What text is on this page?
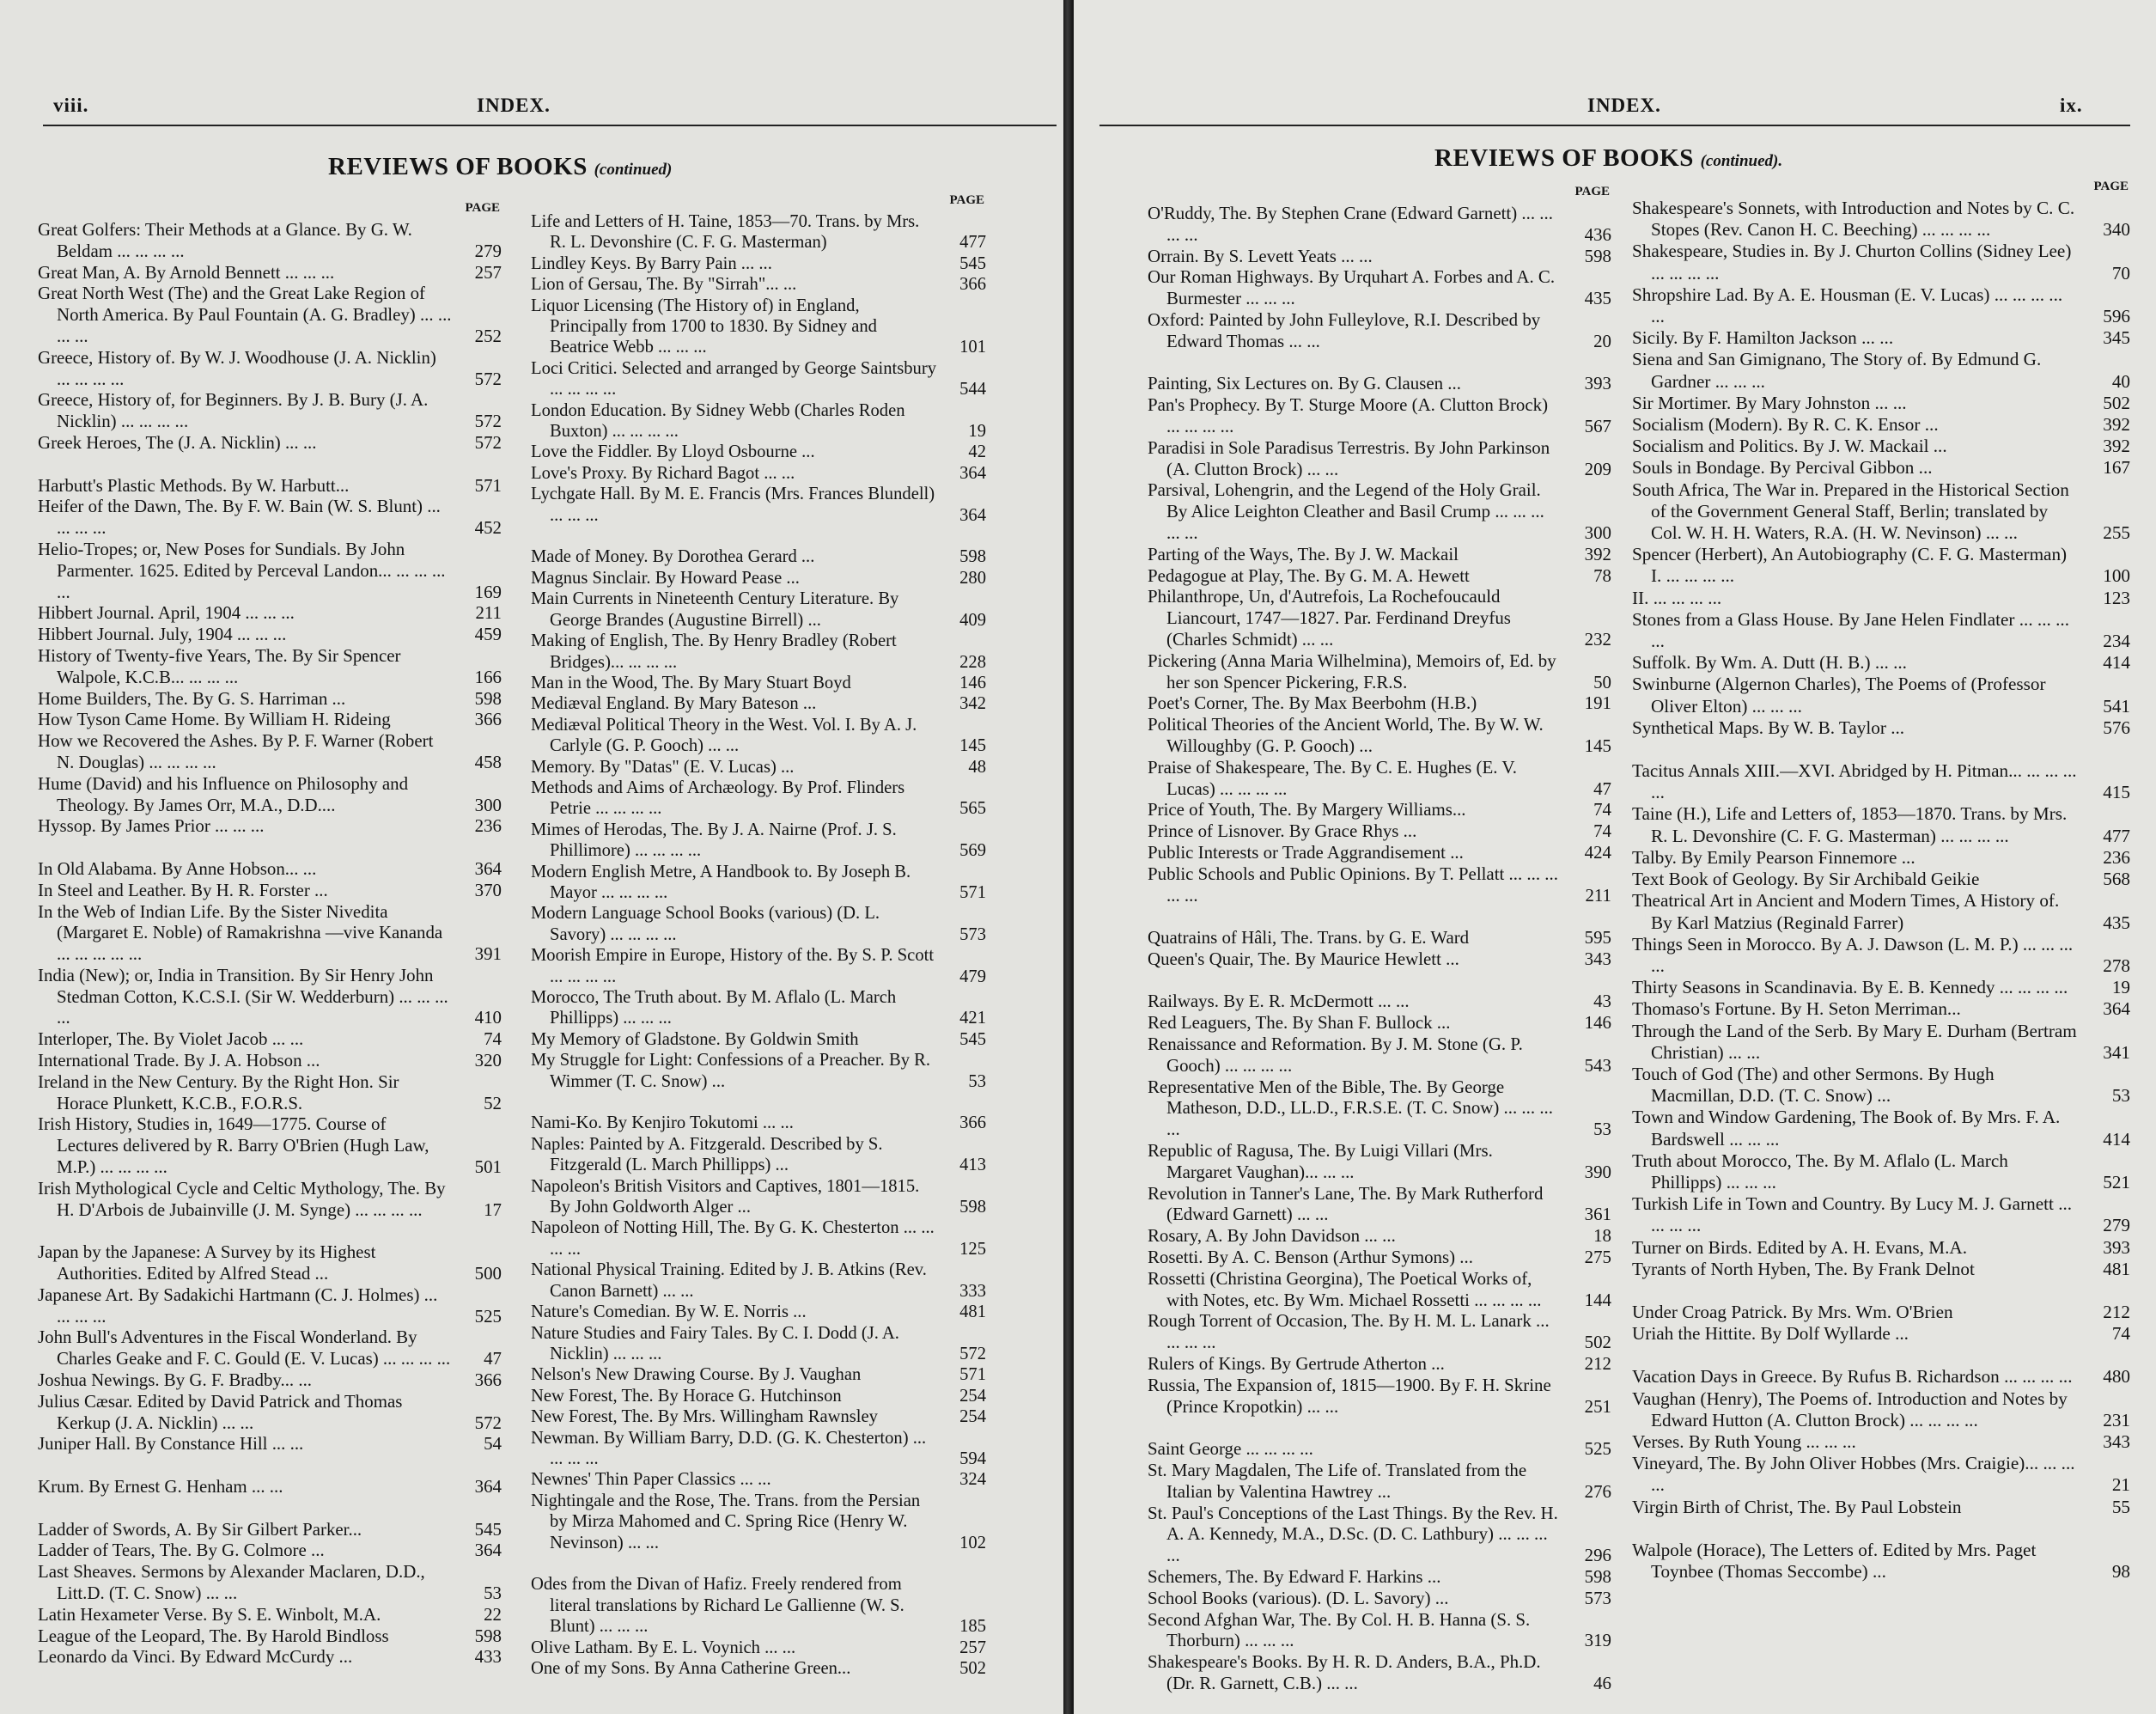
viii.	INDEX.
REVIEWS OF BOOKS (continued)
PAGE
Great Golfers: Their Methods at a Glance. By G. W. Beldam ... ... ... ...	279
Great Man, A. By Arnold Bennett ... ... ...	257
Great North West (The) and the Great Lake Region of North America. By Paul Fountain (A. G. Bradley) ... ... ... ...	252
Greece, History of. By W. J. Woodhouse (J. A. Nicklin) ... ... ... ...	572
Greece, History of, for Beginners. By J. B. Bury (J. A. Nicklin) ... ... ... ...	572
Greek Heroes, The (J. A. Nicklin) ... ...	572
Harbutt's Plastic Methods. By W. Harbutt...	571
Heifer of the Dawn, The. By F. W. Bain (W. S. Blunt) ... ... ... ...	452
Helio-Tropes; or, New Poses for Sundials. By John Parmenter. 1625. Edited by Perceval Landon... ... ... ... ...	169
Hibbert Journal. April, 1904 ... ... ...	211
Hibbert Journal. July, 1904 ... ... ...	459
History of Twenty-five Years, The. By Sir Spencer Walpole, K.C.B... ... ... ...	166
Home Builders, The. By G. S. Harriman ...	598
How Tyson Came Home. By William H. Rideing	366
How we Recovered the Ashes. By P. F. Warner (Robert N. Douglas) ... ... ... ...	458
Hume (David) and his Influence on Philosophy and Theology. By James Orr, M.A., D.D....	300
Hyssop. By James Prior ... ... ...	236
In Old Alabama. By Anne Hobson... ...	364
In Steel and Leather. By H. R. Forster ...	370
In the Web of Indian Life. By the Sister Nivedita (Margaret E. Noble) of Ramakrishna —vive Kananda ... ... ... ... ...	391
India (New); or, India in Transition. By Sir Henry John Stedman Cotton, K.C.S.I. (Sir W. Wedderburn) ... ... ... ...	410
Interloper, The. By Violet Jacob ... ...	74
International Trade. By J. A. Hobson ...	320
Ireland in the New Century. By the Right Hon. Sir Horace Plunkett, K.C.B., F.O.R.S.	52
Irish History, Studies in, 1649—1775. Course of Lectures delivered by R. Barry O'Brien (Hugh Law, M.P.) ... ... ... ...	501
Irish Mythological Cycle and Celtic Mythology, The. By H. D'Arbois de Jubainville (J. M. Synge) ... ... ... ...	17
Japan by the Japanese: A Survey by its Highest Authorities. Edited by Alfred Stead ...	500
Japanese Art. By Sadakichi Hartmann (C. J. Holmes) ... ... ... ...	525
John Bull's Adventures in the Fiscal Wonderland. By Charles Geake and F. C. Gould (E. V. Lucas) ... ... ... ...	47
Joshua Newings. By G. F. Bradby... ...	366
Julius Cæsar. Edited by David Patrick and Thomas Kerkup (J. A. Nicklin) ... ...	572
Juniper Hall. By Constance Hill ... ...	54
Krum. By Ernest G. Henham ... ...	364
Ladder of Swords, A. By Sir Gilbert Parker...	545
Ladder of Tears, The. By G. Colmore ...	364
Last Sheaves. Sermons by Alexander Maclaren, D.D., Litt.D. (T. C. Snow) ... ...	53
Latin Hexameter Verse. By S. E. Winbolt, M.A.	22
League of the Leopard, The. By Harold Bindloss	598
Leonardo da Vinci. By Edward McCurdy ...	433
PAGE
Life and Letters of H. Taine, 1853—70. Trans. by Mrs. R. L. Devonshire (C. F. G. Masterman)	477
Lindley Keys. By Barry Pain ... ...	545
Lion of Gersau, The. By "Sirrah"... ...	366
Liquor Licensing (The History of) in England, Principally from 1700 to 1830. By Sidney and Beatrice Webb ... ... ...	101
Loci Critici. Selected and arranged by George Saintsbury ... ... ... ...	544
London Education. By Sidney Webb (Charles Roden Buxton) ... ... ... ...	19
Love the Fiddler. By Lloyd Osbourne ...	42
Love's Proxy. By Richard Bagot ... ...	364
Lychgate Hall. By M. E. Francis (Mrs. Frances Blundell) ... ... ...	364
Made of Money. By Dorothea Gerard ...	598
Magnus Sinclair. By Howard Pease ...	280
Main Currents in Nineteenth Century Literature. By George Brandes (Augustine Birrell) ...	409
Making of English, The. By Henry Bradley (Robert Bridges)... ... ... ...	228
Man in the Wood, The. By Mary Stuart Boyd	146
Mediæval England. By Mary Bateson ...	342
Mediæval Political Theory in the West. Vol. I. By A. J. Carlyle (G. P. Gooch) ... ...	145
Memory. By "Datas" (E. V. Lucas) ...	48
Methods and Aims of Archæology. By Prof. Flinders Petrie ... ... ... ...	565
Mimes of Herodas, The. By J. A. Nairne (Prof. J. S. Phillimore) ... ... ... ...	569
Modern English Metre, A Handbook to. By Joseph B. Mayor ... ... ... ...	571
Modern Language School Books (various) (D. L. Savory) ... ... ... ...	573
Moorish Empire in Europe, History of the. By S. P. Scott ... ... ... ...	479
Morocco, The Truth about. By M. Aflalo (L. March Phillipps) ... ... ...	421
My Memory of Gladstone. By Goldwin Smith	545
My Struggle for Light: Confessions of a Preacher. By R. Wimmer (T. C. Snow) ...	53
Nami-Ko. By Kenjiro Tokutomi ... ...	366
Naples: Painted by A. Fitzgerald. Described by S. Fitzgerald (L. March Phillipps) ...	413
Napoleon's British Visitors and Captives, 1801—1815. By John Goldworth Alger ...	598
Napoleon of Notting Hill, The. By G. K. Chesterton ... ... ... ...	125
National Physical Training. Edited by J. B. Atkins (Rev. Canon Barnett) ... ...	333
Nature's Comedian. By W. E. Norris ...	481
Nature Studies and Fairy Tales. By C. I. Dodd (J. A. Nicklin) ... ... ...	572
Nelson's New Drawing Course. By J. Vaughan	571
New Forest, The. By Horace G. Hutchinson	254
New Forest, The. By Mrs. Willingham Rawnsley	254
Newman. By William Barry, D.D. (G. K. Chesterton) ... ... ... ...	594
Newnes' Thin Paper Classics ... ...	324
Nightingale and the Rose, The. Trans. from the Persian by Mirza Mahomed and C. Spring Rice (Henry W. Nevinson) ... ...	102
Odes from the Divan of Hafiz. Freely rendered from literal translations by Richard Le Gallienne (W. S. Blunt) ... ... ...	185
Olive Latham. By E. L. Voynich ... ...	257
One of my Sons. By Anna Catherine Green...	502
INDEX.	ix.
REVIEWS OF BOOKS (continued).
PAGE
O'Ruddy, The. By Stephen Crane (Edward Garnett) ... ... ... ...	436
Orrain. By S. Levett Yeats ... ...	598
Our Roman Highways. By Urquhart A. Forbes and A. C. Burmester ... ... ...	435
Oxford: Painted by John Fulleylove, R.I. Described by Edward Thomas ... ...	20
Painting, Six Lectures on. By G. Clausen ...	393
Pan's Prophecy. By T. Sturge Moore (A. Clutton Brock) ... ... ... ...	567
Paradisi in Sole Paradisus Terrestris. By John Parkinson (A. Clutton Brock) ... ...	209
Parsival, Lohengrin, and the Legend of the Holy Grail. By Alice Leighton Cleather and Basil Crump ... ... ... ... ...	300
Parting of the Ways, The. By J. W. Mackail	392
Pedagogue at Play, The. By G. M. A. Hewett	78
Philanthrope, Un, d'Autrefois, La Rochefoucauld Liancourt, 1747—1827. Par. Ferdinand Dreyfus (Charles Schmidt) ... ...	232
Pickering (Anna Maria Wilhelmina), Memoirs of, Ed. by her son Spencer Pickering, F.R.S.	50
Poet's Corner, The. By Max Beerbohm (H.B.)	191
Political Theories of the Ancient World, The. By W. W. Willoughby (G. P. Gooch) ...	145
Praise of Shakespeare, The. By C. E. Hughes (E. V. Lucas) ... ... ... ...	47
Price of Youth, The. By Margery Williams...	74
Prince of Lisnover. By Grace Rhys ...	74
Public Interests or Trade Aggrandisement ...	424
Public Schools and Public Opinions. By T. Pellatt ... ... ... ... ...	211
Quatrains of Hâli, The. Trans. by G. E. Ward	595
Queen's Quair, The. By Maurice Hewlett ...	343
Railways. By E. R. McDermott ... ...	43
Red Leaguers, The. By Shan F. Bullock ...	146
Renaissance and Reformation. By J. M. Stone (G. P. Gooch) ... ... ... ...	543
Representative Men of the Bible, The. By George Matheson, D.D., LL.D., F.R.S.E. (T. C. Snow) ... ... ... ...	53
Republic of Ragusa, The. By Luigi Villari (Mrs. Margaret Vaughan)... ... ...	390
Revolution in Tanner's Lane, The. By Mark Rutherford (Edward Garnett) ... ...	361
Rosary, A. By John Davidson ... ...	18
Rosetti. By A. C. Benson (Arthur Symons) ...	275
Rossetti (Christina Georgina), The Poetical Works of, with Notes, etc. By Wm. Michael Rossetti ... ... ... ...	144
Rough Torrent of Occasion, The. By H. M. L. Lanark ... ... ... ...	502
Rulers of Kings. By Gertrude Atherton ...	212
Russia, The Expansion of, 1815—1900. By F. H. Skrine (Prince Kropotkin) ... ...	251
Saint George ... ... ... ...	525
St. Mary Magdalen, The Life of. Translated from the Italian by Valentina Hawtrey ...	276
St. Paul's Conceptions of the Last Things. By the Rev. H. A. A. Kennedy, M.A., D.Sc. (D. C. Lathbury) ... ... ... ...	296
Schemers, The. By Edward F. Harkins ...	598
School Books (various). (D. L. Savory) ...	573
Second Afghan War, The. By Col. H. B. Hanna (S. S. Thorburn) ... ... ...	319
Shakespeare's Books. By H. R. D. Anders, B.A., Ph.D. (Dr. R. Garnett, C.B.) ... ...	46
PAGE
Shakespeare's Sonnets, with Introduction and Notes by C. C. Stopes (Rev. Canon H. C. Beeching) ... ... ... ...	340
Shakespeare, Studies in. By J. Churton Collins (Sidney Lee) ... ... ... ...	70
Shropshire Lad. By A. E. Housman (E. V. Lucas) ... ... ... ... ...	596
Sicily. By F. Hamilton Jackson ... ...	345
Siena and San Gimignano, The Story of. By Edmund G. Gardner ... ... ...	40
Sir Mortimer. By Mary Johnston ... ...	502
Socialism (Modern). By R. C. K. Ensor ...	392
Socialism and Politics. By J. W. Mackail ...	392
Souls in Bondage. By Percival Gibbon ...	167
South Africa, The War in. Prepared in the Historical Section of the Government General Staff, Berlin; translated by Col. W. H. H. Waters, R.A. (H. W. Nevinson) ... ...	255
Spencer (Herbert), An Autobiography (C. F. G. Masterman) I. ... ... ... ...	100
II. ... ... ... ...	123
Stones from a Glass House. By Jane Helen Findlater ... ... ... ...	234
Suffolk. By Wm. A. Dutt (H. B.) ... ...	414
Swinburne (Algernon Charles), The Poems of (Professor Oliver Elton) ... ... ...	541
Synthetical Maps. By W. B. Taylor ...	576
Tacitus Annals XIII.—XVI. Abridged by H. Pitman... ... ... ... ...	415
Taine (H.), Life and Letters of, 1853—1870. Trans. by Mrs. R. L. Devonshire (C. F. G. Masterman) ... ... ... ...	477
Talby. By Emily Pearson Finnemore ...	236
Text Book of Geology. By Sir Archibald Geikie	568
Theatrical Art in Ancient and Modern Times, A History of. By Karl Matzius (Reginald Farrer)	435
Things Seen in Morocco. By A. J. Dawson (L. M. P.) ... ... ... ...	278
Thirty Seasons in Scandinavia. By E. B. Kennedy ... ... ... ...	19
Thomaso's Fortune. By H. Seton Merriman...	364
Through the Land of the Serb. By Mary E. Durham (Bertram Christian) ... ...	341
Touch of God (The) and other Sermons. By Hugh Macmillan, D.D. (T. C. Snow) ...	53
Town and Window Gardening, The Book of. By Mrs. F. A. Bardswell ... ... ...	414
Truth about Morocco, The. By M. Aflalo (L. March Phillipps) ... ... ...	521
Turkish Life in Town and Country. By Lucy M. J. Garnett ... ... ... ...	279
Turner on Birds. Edited by A. H. Evans, M.A.	393
Tyrants of North Hyben, The. By Frank Delnot	481
Under Croag Patrick. By Mrs. Wm. O'Brien	212
Uriah the Hittite. By Dolf Wyllarde ...	74
Vacation Days in Greece. By Rufus B. Richardson ... ... ... ...	480
Vaughan (Henry), The Poems of. Introduction and Notes by Edward Hutton (A. Clutton Brock) ... ... ... ...	231
Verses. By Ruth Young ... ... ...	343
Vineyard, The. By John Oliver Hobbes (Mrs. Craigie)... ... ... ...	21
Virgin Birth of Christ, The. By Paul Lobstein	55
Walpole (Horace), The Letters of. Edited by Mrs. Paget Toynbee (Thomas Seccombe) ...	98
